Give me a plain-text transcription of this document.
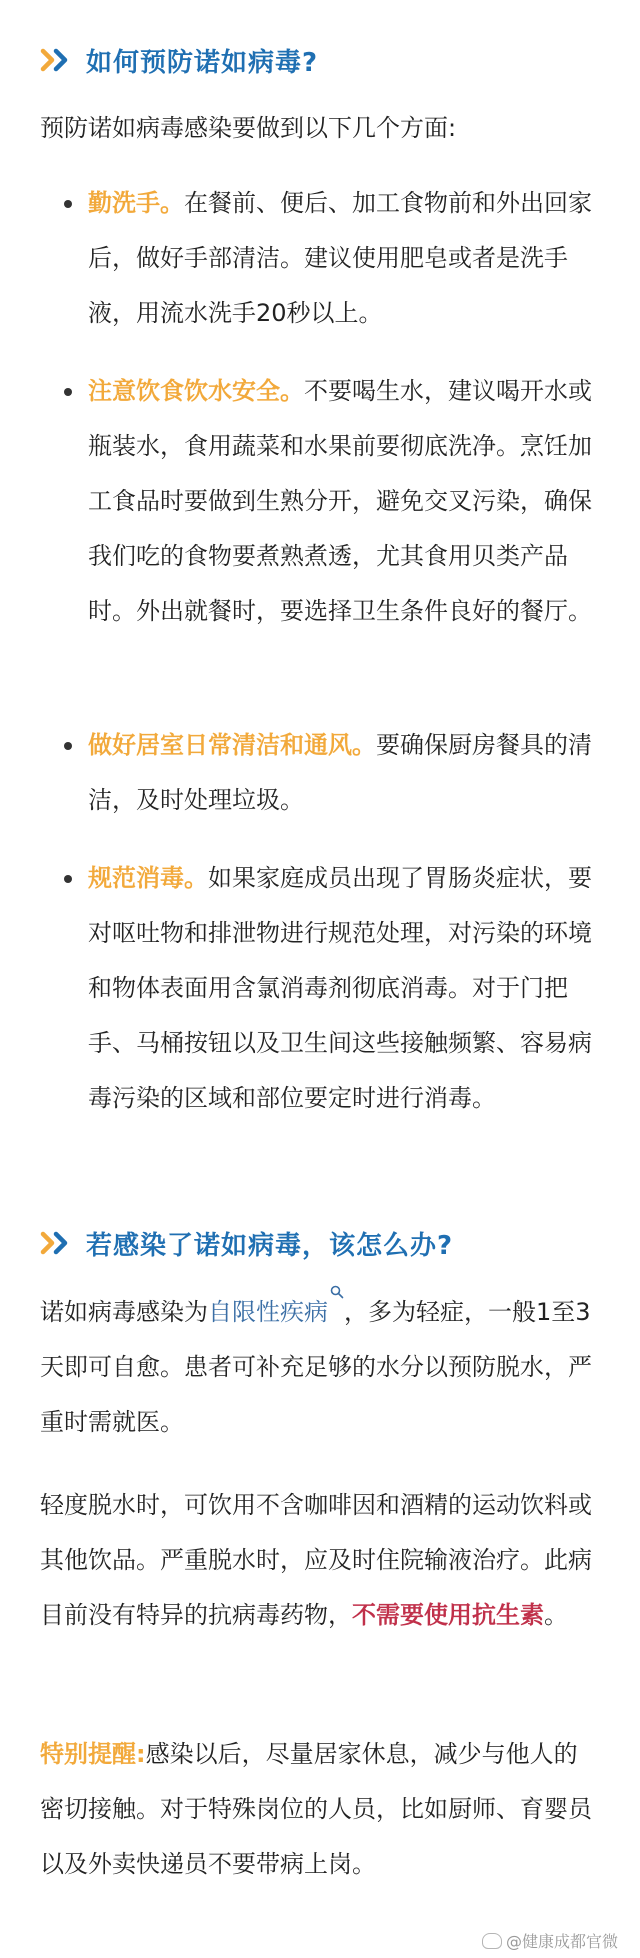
如何预防诺如病毒?

预防诺如病毒感染要做到以下几个方面:

勤洗手。在餐前、便后、加工食物前和外出回家后，做好手部清洁。建议使用肥皂或者是洗手液，用流水洗手20秒以上。

注意饮食饮水安全。不要喝生水，建议喝开水或瓶装水，食用蔬菜和水果前要彻底洗净。烹饪加工食品时要做到生熟分开，避免交叉污染，确保我们吃的食物要煮熟煮透，尤其食用贝类产品时。外出就餐时，要选择卫生条件良好的餐厅。

做好居室日常清洁和通风。要确保厨房餐具的清洁，及时处理垃圾。

规范消毒。如果家庭成员出现了胃肠炎症状，要对呕吐物和排泄物进行规范处理，对污染的环境和物体表面用含氯消毒剂彻底消毒。对于门把手、马桶按钮以及卫生间这些接触频繁、容易病毒污染的区域和部位要定时进行消毒。

若感染了诺如病毒，该怎么办?

诺如病毒感染为自限性疾病 ，多为轻症，一般1至3天即可自愈。患者可补充足够的水分以预防脱水，严重时需就医。

轻度脱水时，可饮用不含咖啡因和酒精的运动饮料或其他饮品。严重脱水时，应及时住院输液治疗。此病目前没有特异的抗病毒药物，不需要使用抗生素。

特别提醒:感染以后，尽量居家休息，减少与他人的密切接触。对于特殊岗位的人员，比如厨师、育婴员以及外卖快递员不要带病上岗。

@健康成都官微
